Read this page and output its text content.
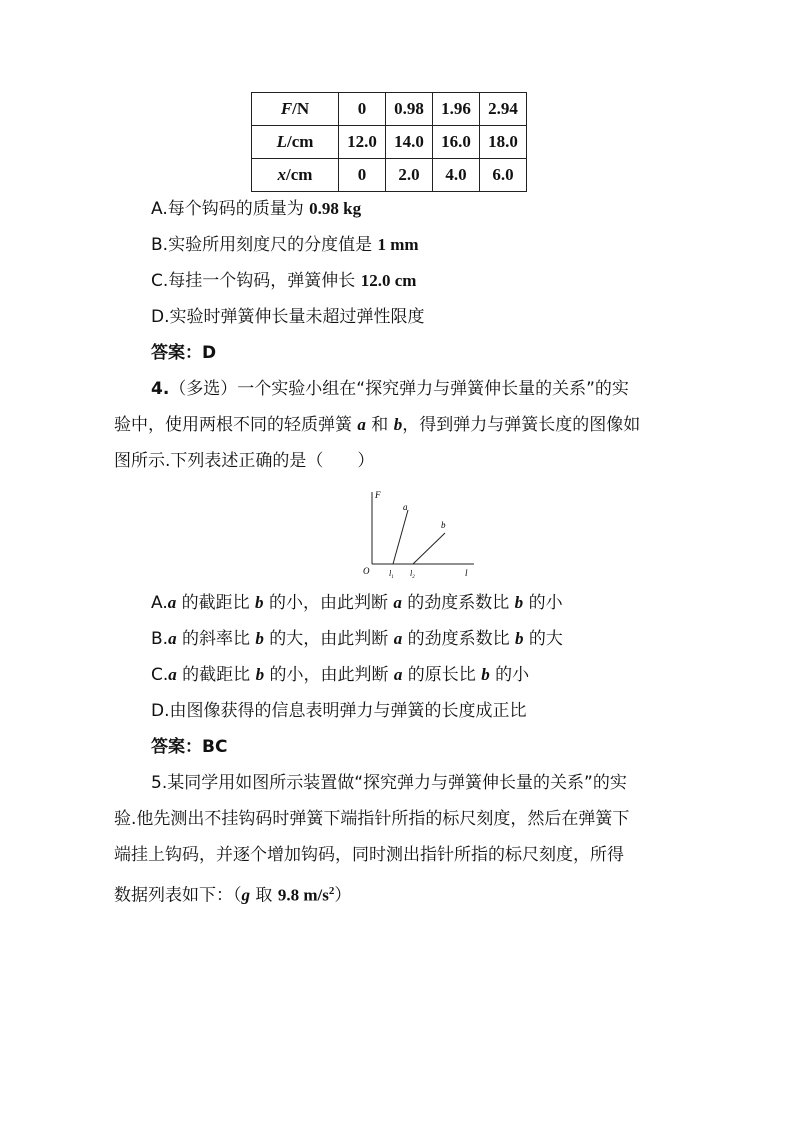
F/N	0	0.98	1.96	2.94
L/cm	12.0	14.0	16.0	18.0
x/cm	0	2.0	4.0	6.0
A.每个钩码的质量为 0.98 kg
B.实验所用刻度尺的分度值是 1 mm
C.每挂一个钩码，弹簧伸长 12.0 cm
D.实验时弹簧伸长量未超过弹性限度
答案：D
4.（多选）一个实验小组在“探究弹力与弹簧伸长量的关系”的实
验中，使用两根不同的轻质弹簧 a 和 b，得到弹力与弹簧长度的图像如
图所示.下列表述正确的是（　　）
F
O
a
b
$l_1$ $l_2$	l
A.a 的截距比 b 的小，由此判断 a 的劲度系数比 b 的小
B.a 的斜率比 b 的大，由此判断 a 的劲度系数比 b 的大
C.a 的截距比 b 的小，由此判断 a 的原长比 b 的小
D.由图像获得的信息表明弹力与弹簧的长度成正比
答案：BC
5.某同学用如图所示装置做“探究弹力与弹簧伸长量的关系”的实
验.他先测出不挂钩码时弹簧下端指针所指的标尺刻度，然后在弹簧下
端挂上钩码，并逐个增加钩码，同时测出指针所指的标尺刻度，所得
数据列表如下：（g 取 9.8 $m/s^2$）
